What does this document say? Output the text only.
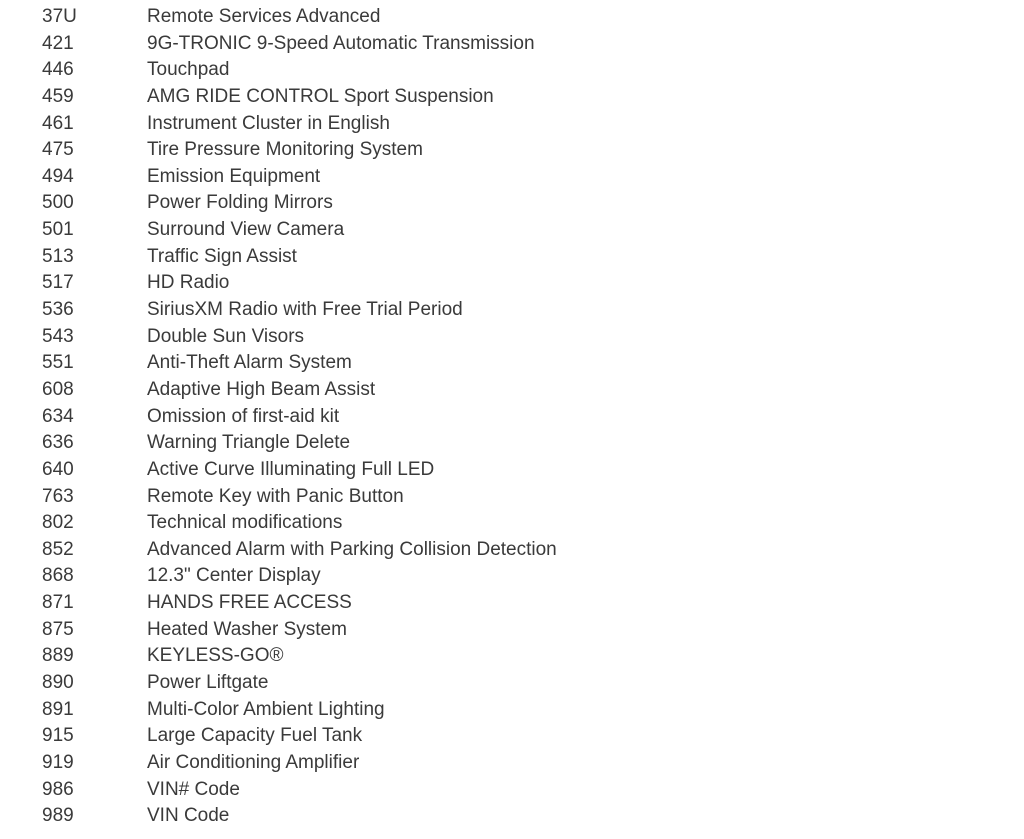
37U	Remote Services Advanced
421	9G-TRONIC 9-Speed Automatic Transmission
446	Touchpad
459	AMG RIDE CONTROL Sport Suspension
461	Instrument Cluster in English
475	Tire Pressure Monitoring System
494	Emission Equipment
500	Power Folding Mirrors
501	Surround View Camera
513	Traffic Sign Assist
517	HD Radio
536	SiriusXM Radio with Free Trial Period
543	Double Sun Visors
551	Anti-Theft Alarm System
608	Adaptive High Beam Assist
634	Omission of first-aid kit
636	Warning Triangle Delete
640	Active Curve Illuminating Full LED
763	Remote Key with Panic Button
802	Technical modifications
852	Advanced Alarm with Parking Collision Detection
868	12.3" Center Display
871	HANDS FREE ACCESS
875	Heated Washer System
889	KEYLESS-GO®
890	Power Liftgate
891	Multi-Color Ambient Lighting
915	Large Capacity Fuel Tank
919	Air Conditioning Amplifier
986	VIN# Code
989	VIN Code
